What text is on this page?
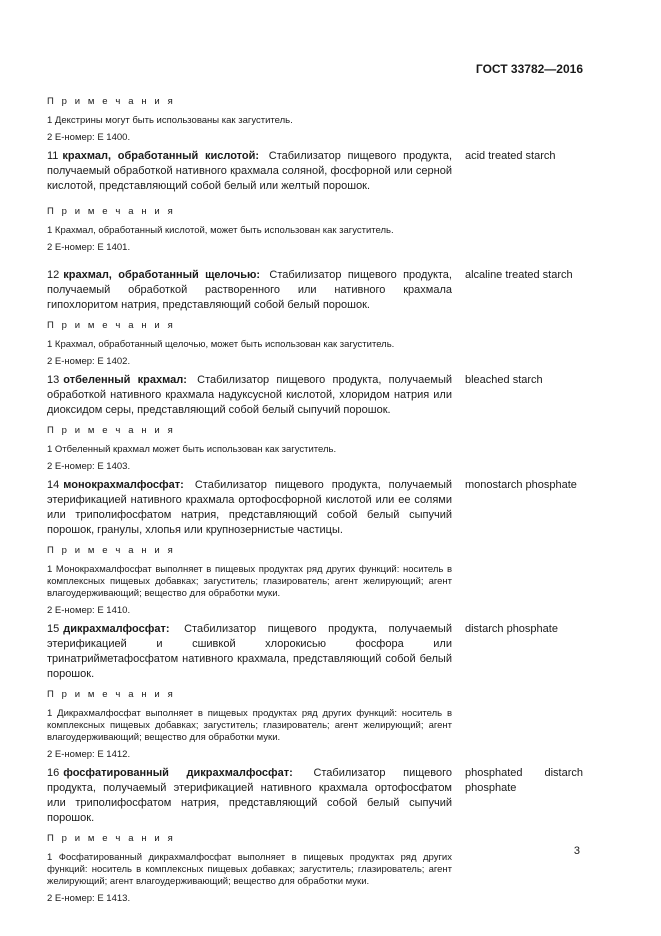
ГОСТ 33782—2016
П р и м е ч а н и я
1 Декстрины могут быть использованы как загуститель.
2 Е-номер: Е 1400.
11 крахмал, обработанный кислотой: Стабилизатор пищевого продукта, получаемый обработкой нативного крахмала соляной, фосфорной или серной кислотой, представляющий собой белый или желтый порошок.
acid treated starch
П р и м е ч а н и я
1 Крахмал, обработанный кислотой, может быть использован как загуститель.
2 Е-номер: Е 1401.
12 крахмал, обработанный щелочью: Стабилизатор пищевого продукта, получаемый обработкой растворенного или нативного крахмала гипохлоритом натрия, представляющий собой белый порошок.
alcaline treated starch
П р и м е ч а н и я
1 Крахмал, обработанный щелочью, может быть использован как загуститель.
2 Е-номер: Е 1402.
13 отбеленный крахмал: Стабилизатор пищевого продукта, получаемый обработкой нативного крахмала надуксусной кислотой, хлоридом натрия или диоксидом серы, представляющий собой белый сыпучий порошок.
bleached starch
П р и м е ч а н и я
1 Отбеленный крахмал может быть использован как загуститель.
2 Е-номер: Е 1403.
14 монокрахмалфосфат: Стабилизатор пищевого продукта, получаемый этерификацией нативного крахмала ортофосфорной кислотой или ее солями или триполифосфатом натрия, представляющий собой белый сыпучий порошок, гранулы, хлопья или крупнозернистые частицы.
monostarch phosphate
П р и м е ч а н и я
1 Монокрахмалфосфат выполняет в пищевых продуктах ряд других функций: носитель в комплексных пищевых добавках; загуститель; глазирователь; агент желирующий; агент влагоудерживающий; вещество для обработки муки.
2 Е-номер: Е 1410.
15 дикрахмалфосфат: Стабилизатор пищевого продукта, получаемый этерификацией и сшивкой хлорокисью фосфора или тринатрийметафосфатом нативного крахмала, представляющий собой белый порошок.
distarch phosphate
П р и м е ч а н и я
1 Дикрахмалфосфат выполняет в пищевых продуктах ряд других функций: носитель в комплексных пищевых добавках; загуститель; глазирователь; агент желирующий; агент влагоудерживающий; вещество для обработки муки.
2 Е-номер: Е 1412.
16 фосфатированный дикрахмалфосфат: Стабилизатор пищевого продукта, получаемый этерификацией нативного крахмала ортофосфатом или триполифосфатом натрия, представляющий собой белый сыпучий порошок.
phosphated distarch phosphate
П р и м е ч а н и я
1 Фосфатированный дикрахмалфосфат выполняет в пищевых продуктах ряд других функций: носитель в комплексных пищевых добавках; загуститель; глазирователь; агент желирующий; агент влагоудерживающий; вещество для обработки муки.
2 Е-номер: Е 1413.
3
